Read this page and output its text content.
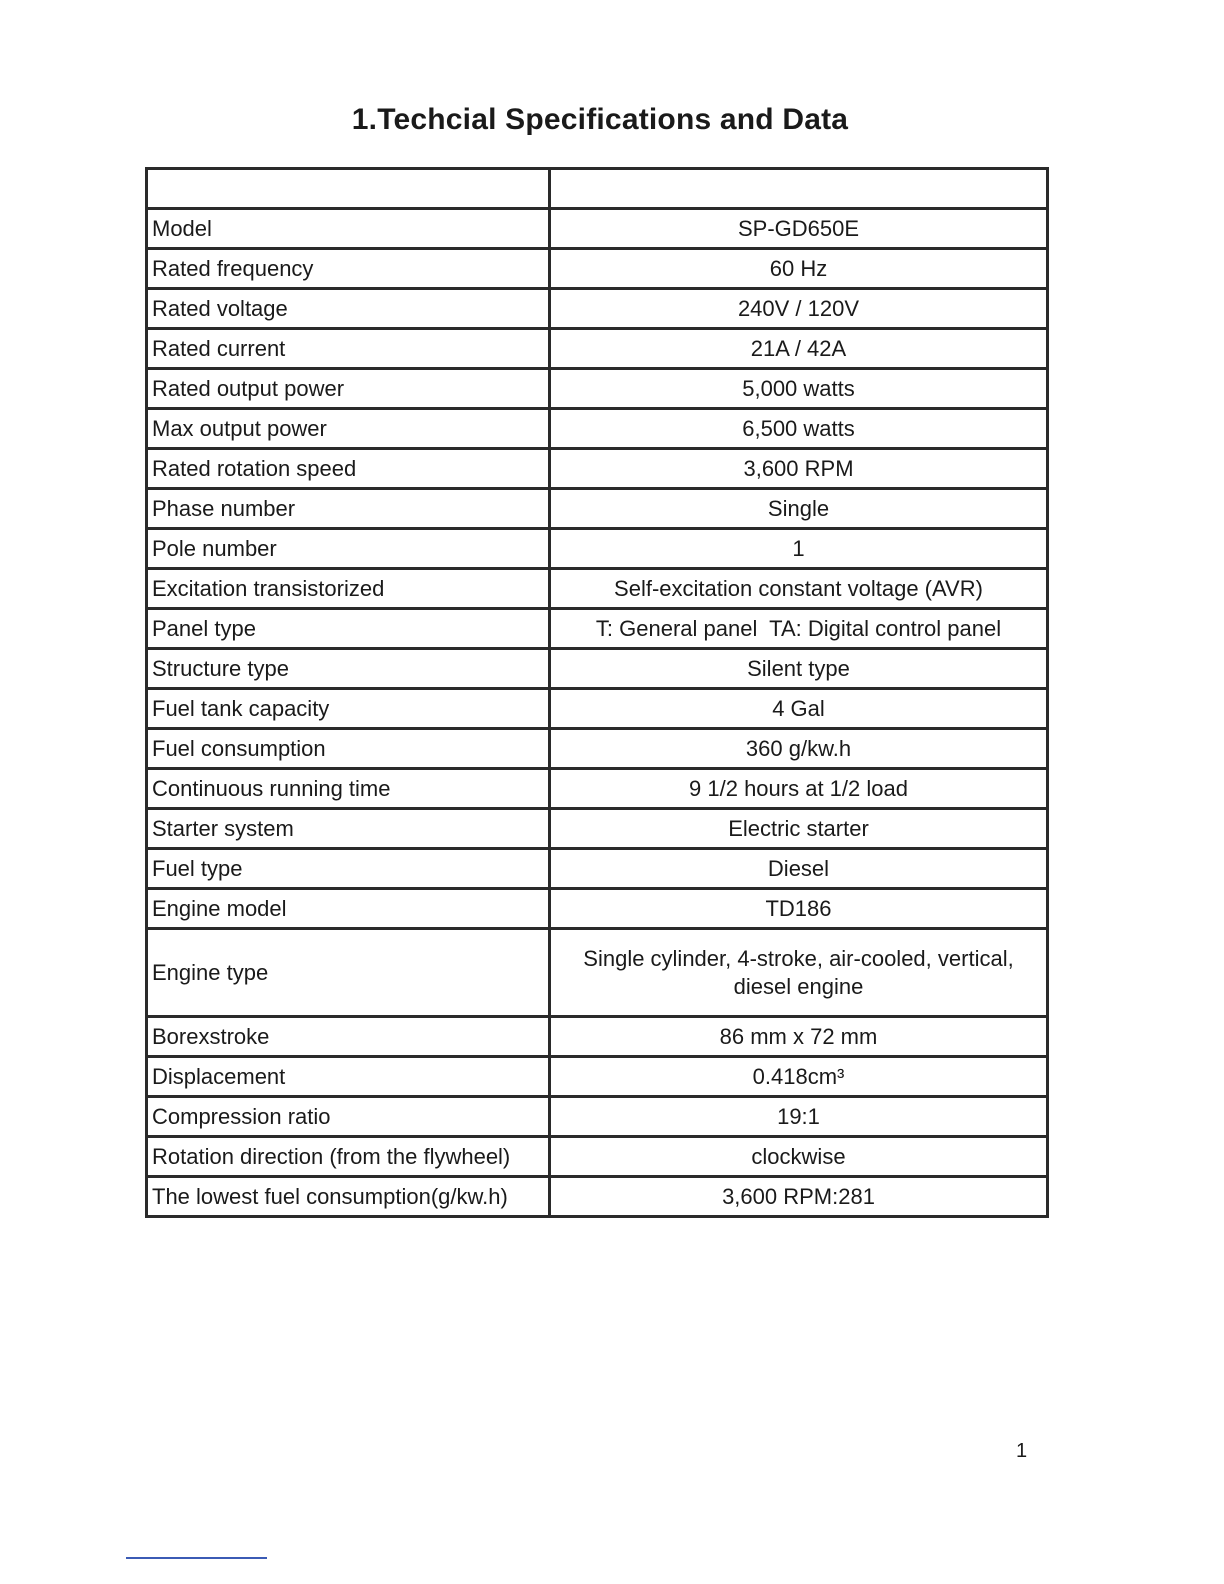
1.Techcial Specifications and Data

Model	SP-GD650E
Rated frequency	60 Hz
Rated voltage	240V / 120V
Rated current	21A / 42A
Rated output power	5,000 watts
Max output power	6,500 watts
Rated rotation speed	3,600 RPM
Phase number	Single
Pole number	1
Excitation transistorized	Self-excitation constant voltage (AVR)
Panel type	T: General panel  TA: Digital control panel
Structure type	Silent type
Fuel tank capacity	4 Gal
Fuel consumption	360 g/kw.h
Continuous running time	9 1/2 hours at 1/2 load
Starter system	Electric starter
Fuel type	Diesel
Engine model	TD186
Engine type	Single cylinder, 4-stroke, air-cooled, vertical, diesel engine
Borexstroke	86 mm x 72 mm
Displacement	0.418cm³
Compression ratio	19:1
Rotation direction (from the flywheel)	clockwise
The lowest fuel consumption(g/kw.h)	3,600 RPM:281
1
